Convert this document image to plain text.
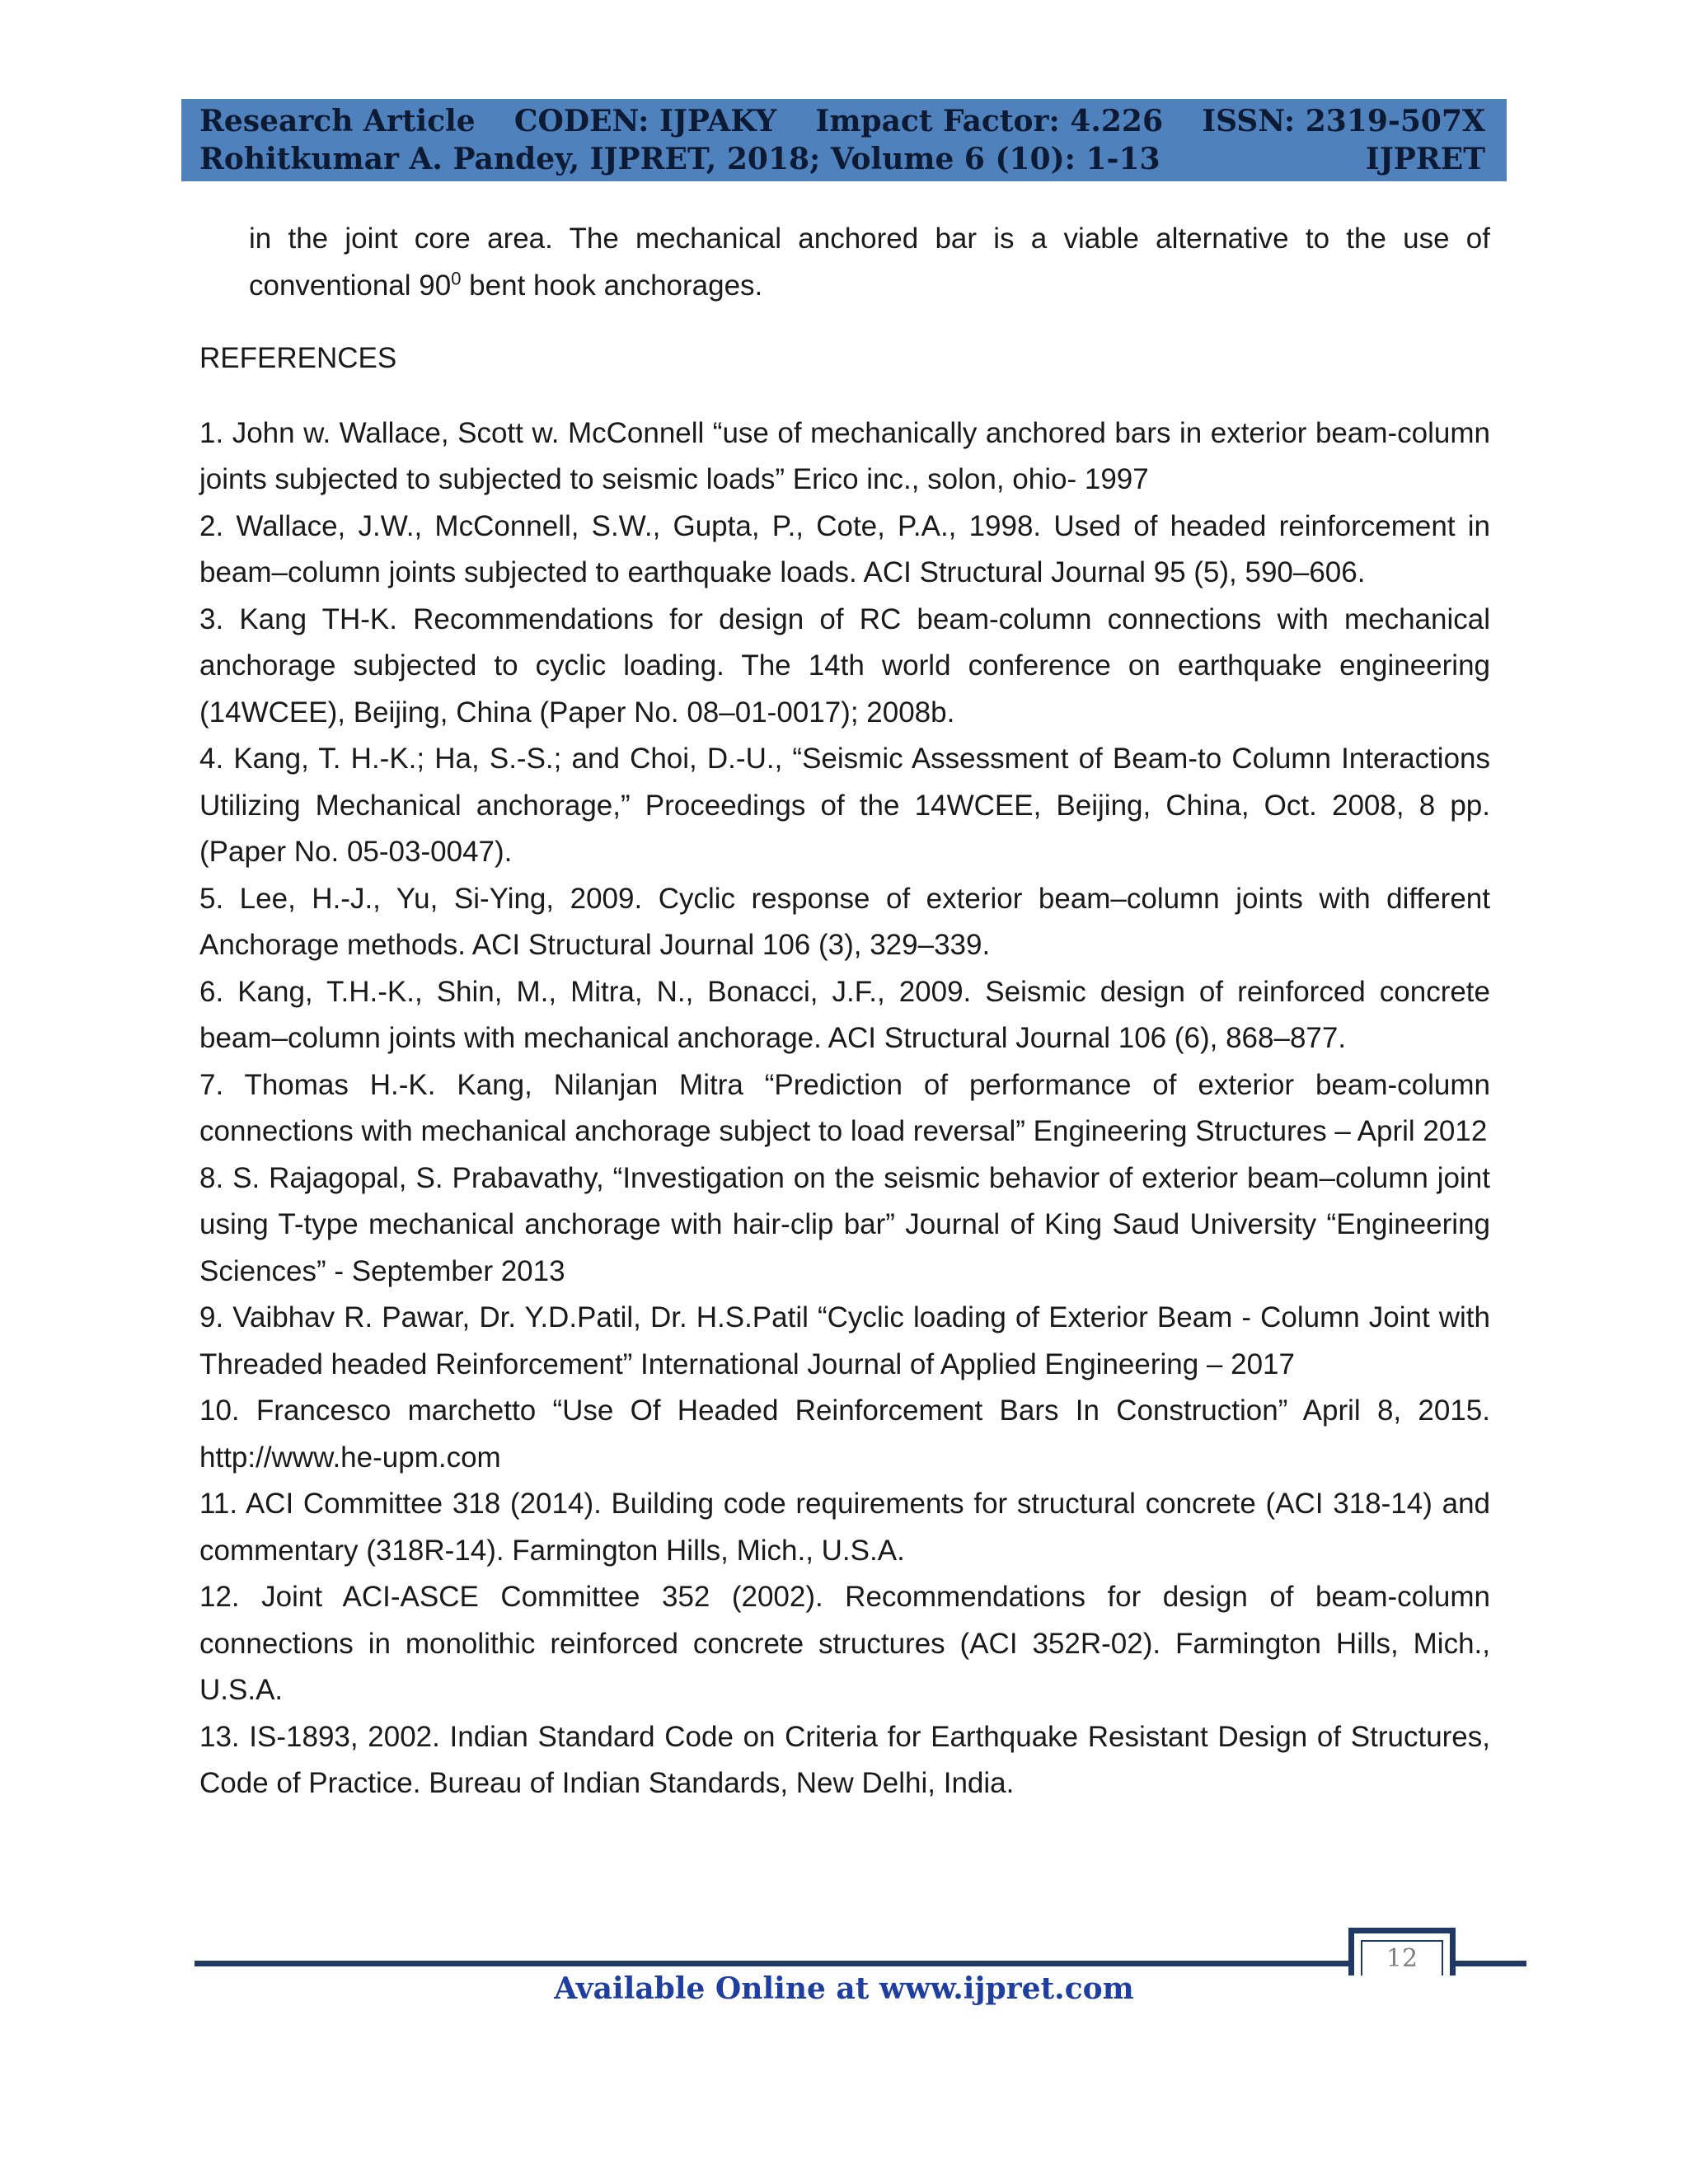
Research Article CODEN: IJPAKY Impact Factor: 4.226 ISSN: 2319-507X
Rohitkumar A. Pandey, IJPRET, 2018; Volume 6 (10): 1-13	IJPRET

in the joint core area. The mechanical anchored bar is a viable alternative to the use of conventional $90^0$ bent hook anchorages.

REFERENCES
1. John w. Wallace, Scott w. McConnell “use of mechanically anchored bars in exterior beam-column joints subjected to subjected to seismic loads” Erico inc., solon, ohio- 1997
2. Wallace, J.W., McConnell, S.W., Gupta, P., Cote, P.A., 1998. Used of headed reinforcement in beam–column joints subjected to earthquake loads. ACI Structural Journal 95 (5), 590–606.
3. Kang TH-K. Recommendations for design of RC beam-column connections with mechanical anchorage subjected to cyclic loading. The 14th world conference on earthquake engineering (14WCEE), Beijing, China (Paper No. 08–01-0017); 2008b.
4. Kang, T. H.-K.; Ha, S.-S.; and Choi, D.-U., “Seismic Assessment of Beam-to Column Interactions Utilizing Mechanical anchorage,” Proceedings of the 14WCEE, Beijing, China, Oct. 2008, 8 pp. (Paper No. 05-03-0047).
5. Lee, H.-J., Yu, Si-Ying, 2009. Cyclic response of exterior beam–column joints with different Anchorage methods. ACI Structural Journal 106 (3), 329–339.
6. Kang, T.H.-K., Shin, M., Mitra, N., Bonacci, J.F., 2009. Seismic design of reinforced concrete beam–column joints with mechanical anchorage. ACI Structural Journal 106 (6), 868–877.
7. Thomas H.-K. Kang, Nilanjan Mitra “Prediction of performance of exterior beam-column connections with mechanical anchorage subject to load reversal” Engineering Structures – April 2012
8. S. Rajagopal, S. Prabavathy, “Investigation on the seismic behavior of exterior beam–column joint using T-type mechanical anchorage with hair-clip bar” Journal of King Saud University “Engineering Sciences” - September 2013
9. Vaibhav R. Pawar, Dr. Y.D.Patil, Dr. H.S.Patil “Cyclic loading of Exterior Beam - Column Joint with Threaded headed Reinforcement” International Journal of Applied Engineering – 2017
10. Francesco marchetto “Use Of Headed Reinforcement Bars In Construction” April 8, 2015. http://www.he-upm.com
11. ACI Committee 318 (2014). Building code requirements for structural concrete (ACI 318-14) and commentary (318R-14). Farmington Hills, Mich., U.S.A.
12. Joint ACI-ASCE Committee 352 (2002). Recommendations for design of beam-column connections in monolithic reinforced concrete structures (ACI 352R-02). Farmington Hills, Mich., U.S.A.
13. IS-1893, 2002. Indian Standard Code on Criteria for Earthquake Resistant Design of Structures, Code of Practice. Bureau of Indian Standards, New Delhi, India.
12
Available Online at www.ijpret.com
